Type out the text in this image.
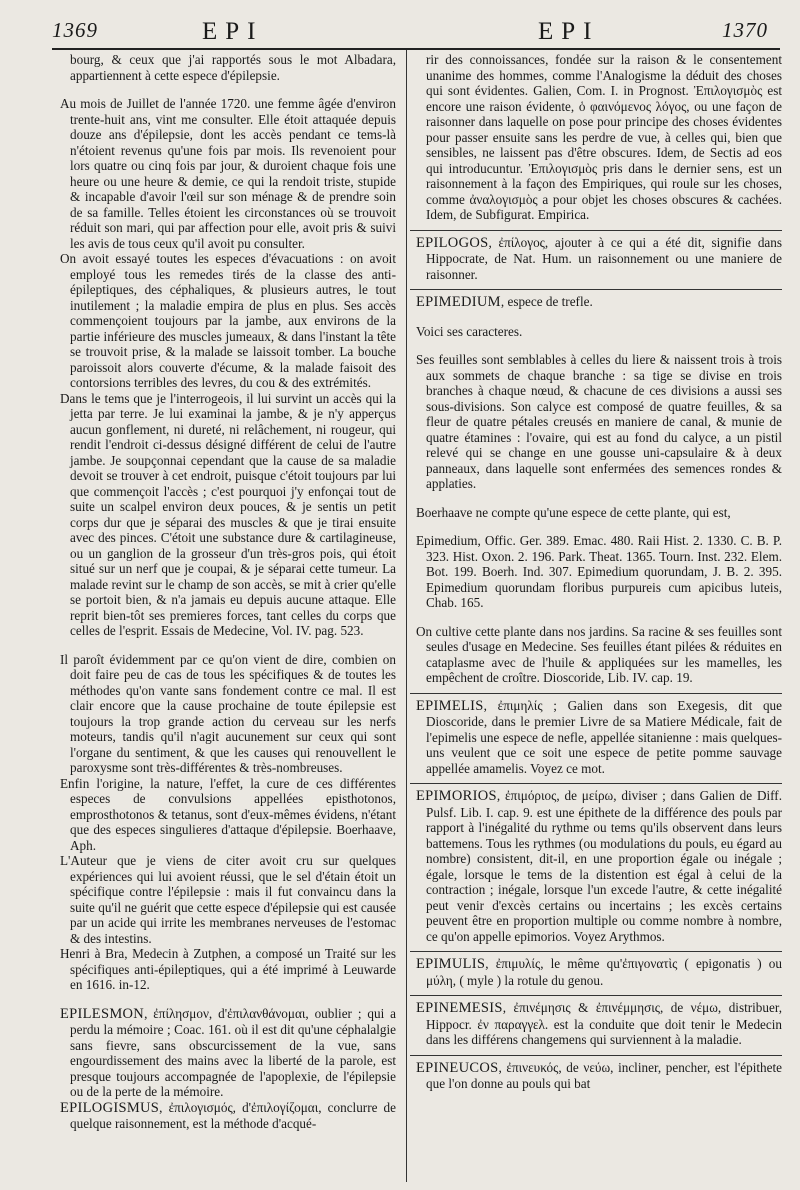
1369	EPI	EPI	1370

bourg, & ceux que j'ai rapportés sous le mot Albadara, appartiennent à cette espece d'épilepsie.

Au mois de Juillet de l'année 1720. une femme âgée d'environ trente-huit ans, vint me consulter. Elle étoit attaquée depuis douze ans d'épilepsie, dont les accès pendant ce tems-là n'étoient revenus qu'une fois par mois. Ils revenoient pour lors quatre ou cinq fois par jour, & duroient chaque fois une heure ou une heure & demie, ce qui la rendoit triste, stupide & incapable d'avoir l'œil sur son ménage & de prendre soin de sa famille. Telles étoient les circonstances où se trouvoit réduit son mari, qui par affection pour elle, avoit pris & suivi les avis de tous ceux qu'il avoit pu consulter.

On avoit essayé toutes les especes d'évacuations : on avoit employé tous les remedes tirés de la classe des anti-épileptiques, des céphaliques, & plusieurs autres, le tout inutilement ; la maladie empira de plus en plus. Ses accès commençoient toujours par la jambe, aux environs de la partie inférieure des muscles jumeaux, & dans l'instant la tête se trouvoit prise, & la malade se laissoit tomber. La bouche paroissoit alors couverte d'écume, & la malade faisoit des contorsions terribles des levres, du cou & des extrémités.

Dans le tems que je l'interrogeois, il lui survint un accès qui la jetta par terre. Je lui examinai la jambe, & je n'y apperçus aucun gonflement, ni dureté, ni relâchement, ni rougeur, qui rendit l'endroit ci-dessus désigné différent de celui de l'autre jambe. Je soupçonnai cependant que la cause de sa maladie devoit se trouver à cet endroit, puisque c'étoit toujours par lui que commençoit l'accès ; c'est pourquoi j'y enfonçai tout de suite un scalpel environ deux pouces, & je sentis un petit corps dur que je séparai des muscles & que je tirai ensuite avec des pinces. C'étoit une substance dure & cartilagineuse, ou un ganglion de la grosseur d'un très-gros pois, qui étoit situé sur un nerf que je coupai, & je séparai cette tumeur. La malade revint sur le champ de son accès, se mit à crier qu'elle se portoit bien, & n'a jamais eu depuis aucune attaque. Elle reprit bien-tôt ses premieres forces, tant celles du corps que celles de l'esprit. Essais de Medecine, Vol. IV. pag. 523.

Il paroît évidemment par ce qu'on vient de dire, combien on doit faire peu de cas de tous les spécifiques & de toutes les méthodes qu'on vante sans fondement contre ce mal. Il est clair encore que la cause prochaine de toute épilepsie est toujours la trop grande action du cerveau sur les nerfs moteurs, tandis qu'il n'agit aucunement sur ceux qui sont l'organe du sentiment, & que les causes qui renouvellent le paroxysme sont très-différentes & très-nombreuses.

Enfin l'origine, la nature, l'effet, la cure de ces différentes especes de convulsions appellées episthotonos, emprosthotonos & tetanus, sont d'eux-mêmes évidens, n'étant que des especes singulieres d'attaque d'épilepsie. Boerhaave, Aph.

L'Auteur que je viens de citer avoit cru sur quelques expériences qui lui avoient réussi, que le sel d'étain étoit un spécifique contre l'épilepsie : mais il fut convaincu dans la suite qu'il ne guérit que cette espece d'épilepsie qui est causée par un acide qui irrite les membranes nerveuses de l'estomac & des intestins.

Henri à Bra, Medecin à Zutphen, a composé un Traité sur les spécifiques anti-épileptiques, qui a été imprimé à Leuwarde en 1616. in-12.

EPILESMON, ἐπίλησμον, d'ἐπιλανθάνομαι, oublier ; qui a perdu la mémoire ; Coac. 161. où il est dit qu'une céphalalgie sans fievre, sans obscurcissement de la vue, sans engourdissement des mains avec la liberté de la parole, est presque toujours accompagnée de l'apoplexie, de l'épilepsie ou de la perte de la mémoire.

EPILOGISMUS, ἐπιλογισμός, d'ἐπιλογίζομαι, conclurre de quelque raisonnement, est la méthode d'acqué-

rir des connoissances, fondée sur la raison & le consentement unanime des hommes, comme l'Analogisme la déduit des choses qui sont évidentes. Galien, Com. I. in Prognost. Ἐπιλογισμὸς est encore une raison évidente, ὁ φαινόμενος λόγος, ou une façon de raisonner dans laquelle on pose pour principe des choses évidentes pour passer ensuite sans les perdre de vue, à celles qui, bien que sensibles, ne laissent pas d'être obscures. Idem, de Sectis ad eos qui introducuntur. Ἐπιλογισμὸς pris dans le dernier sens, est un raisonnement à la façon des Empiriques, qui roule sur les choses, comme ἀναλογισμὸς a pour objet les choses obscures & cachées. Idem, de Subfigurat. Empirica.

EPILOGOS, ἐπίλογος, ajouter à ce qui a été dit, signifie dans Hippocrate, de Nat. Hum. un raisonnement ou une maniere de raisonner.

EPIMEDIUM, espece de trefle.

Voici ses caracteres.

Ses feuilles sont semblables à celles du liere & naissent trois à trois aux sommets de chaque branche : sa tige se divise en trois branches à chaque nœud, & chacune de ces divisions a aussi ses sous-divisions. Son calyce est composé de quatre feuilles, & sa fleur de quatre pétales creusés en maniere de canal, & munie de quatre étamines : l'ovaire, qui est au fond du calyce, a un pistil relevé qui se change en une gousse uni-capsulaire & à deux panneaux, dans laquelle sont enfermées des semences rondes & applaties.

Boerhaave ne compte qu'une espece de cette plante, qui est,

Epimedium, Offic. Ger. 389. Emac. 480. Raii Hist. 2. 1330. C. B. P. 323. Hist. Oxon. 2. 196. Park. Theat. 1365. Tourn. Inst. 232. Elem. Bot. 199. Boerh. Ind. 307. Epimedium quorundam, J. B. 2. 395. Epimedium quorundam floribus purpureis cum apicibus luteis, Chab. 165.

On cultive cette plante dans nos jardins. Sa racine & ses feuilles sont seules d'usage en Medecine. Ses feuilles étant pilées & réduites en cataplasme avec de l'huile & appliquées sur les mamelles, les empêchent de croître. Dioscoride, Lib. IV. cap. 19.

EPIMELIS, ἐπιμηλίς ; Galien dans son Exegesis, dit que Dioscoride, dans le premier Livre de sa Matiere Médicale, fait de l'epimelis une espece de nefle, appellée sitanienne : mais quelques-uns veulent que ce soit une espece de petite pomme sauvage appellée amamelis. Voyez ce mot.

EPIMORIOS, ἐπιμόριος, de μείρω, diviser ; dans Galien de Diff. Pulsf. Lib. I. cap. 9. est une épithete de la différence des pouls par rapport à l'inégalité du rythme ou tems qu'ils observent dans leurs battemens. Tous les rythmes (ou modulations du pouls, eu égard au nombre) consistent, dit-il, en une proportion égale ou inégale ; égale, lorsque le tems de la distention est égal à celui de la contraction ; inégale, lorsque l'un excede l'autre, & cette inégalité peut venir d'excès certains ou incertains ; les excès certains peuvent être en proportion multiple ou comme nombre à nombre, ce qu'on appelle epimorios. Voyez Arythmos.

EPIMULIS, ἐπιμυλίς, le même qu'ἐπιγονατὶς ( epigonatis ) ou μύλη, ( myle ) la rotule du genou.

EPINEMESIS, ἐπινέμησις & ἐπινέμμησις, de νέμω, distribuer, Hippocr. ἐν παραγγελ. est la conduite que doit tenir le Medecin dans les différens changemens qui surviennent à la maladie.

EPINEUCOS, ἐπινευκός, de νεύω, incliner, pencher, est l'épithete que l'on donne au pouls qui bat
